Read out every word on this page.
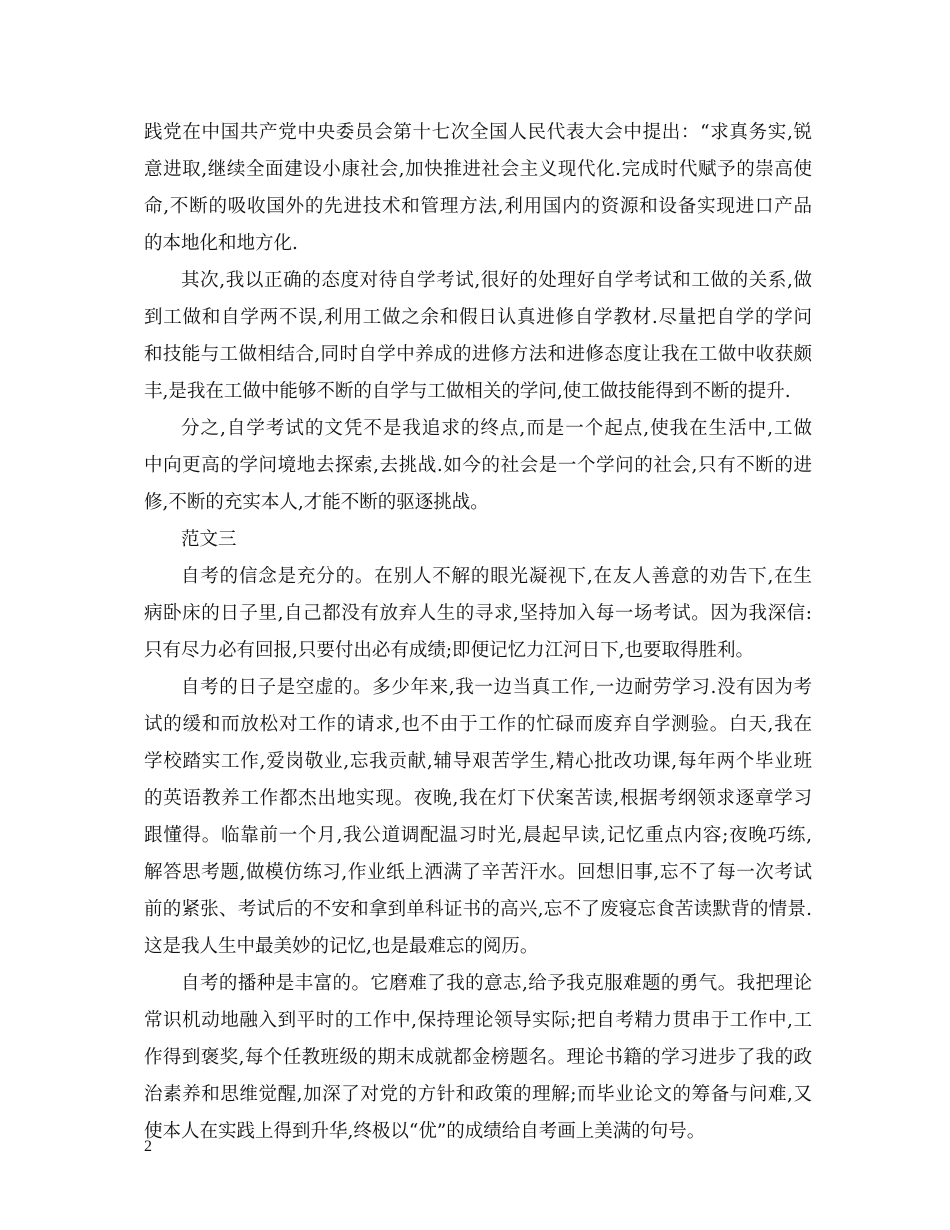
践党在中国共产党中央委员会第十七次全国人民代表大会中提出：“求真务实,锐
意进取,继续全面建设小康社会,加快推进社会主义现代化.完成时代赋予的崇高使
命,不断的吸收国外的先进技术和管理方法,利用国内的资源和设备实现进口产品
的本地化和地方化.
其次,我以正确的态度对待自学考试,很好的处理好自学考试和工做的关系,做
到工做和自学两不误,利用工做之余和假日认真进修自学教材.尽量把自学的学问
和技能与工做相结合,同时自学中养成的进修方法和进修态度让我在工做中收获颇
丰,是我在工做中能够不断的自学与工做相关的学问,使工做技能得到不断的提升.
分之,自学考试的文凭不是我追求的终点,而是一个起点,使我在生活中,工做
中向更高的学问境地去探索,去挑战.如今的社会是一个学问的社会,只有不断的进
修,不断的充实本人,才能不断的驱逐挑战。
范文三
自考的信念是充分的。在别人不解的眼光凝视下,在友人善意的劝告下,在生
病卧床的日子里,自己都没有放弃人生的寻求,坚持加入每一场考试。因为我深信:
只有尽力必有回报,只要付出必有成绩;即便记忆力江河日下,也要取得胜利。
自考的日子是空虚的。多少年来,我一边当真工作,一边耐劳学习.没有因为考
试的缓和而放松对工作的请求,也不由于工作的忙碌而废弃自学测验。白天,我在
学校踏实工作,爱岗敬业,忘我贡献,辅导艰苦学生,精心批改功课,每年两个毕业班
的英语教养工作都杰出地实现。夜晚,我在灯下伏案苦读,根据考纲领求逐章学习
跟懂得。临靠前一个月,我公道调配温习时光,晨起早读,记忆重点内容;夜晚巧练,
解答思考题,做模仿练习,作业纸上洒满了辛苦汗水。回想旧事,忘不了每一次考试
前的紧张、考试后的不安和拿到单科证书的高兴,忘不了废寝忘食苦读默背的情景.
这是我人生中最美妙的记忆,也是最难忘的阅历。
自考的播种是丰富的。它磨难了我的意志,给予我克服难题的勇气。我把理论
常识机动地融入到平时的工作中,保持理论领导实际;把自考精力贯串于工作中,工
作得到褒奖,每个任教班级的期末成就都金榜题名。理论书籍的学习进步了我的政
治素养和思维觉醒,加深了对党的方针和政策的理解;而毕业论文的筹备与问难,又
使本人在实践上得到升华,终极以“优”的成绩给自考画上美满的句号。
2
